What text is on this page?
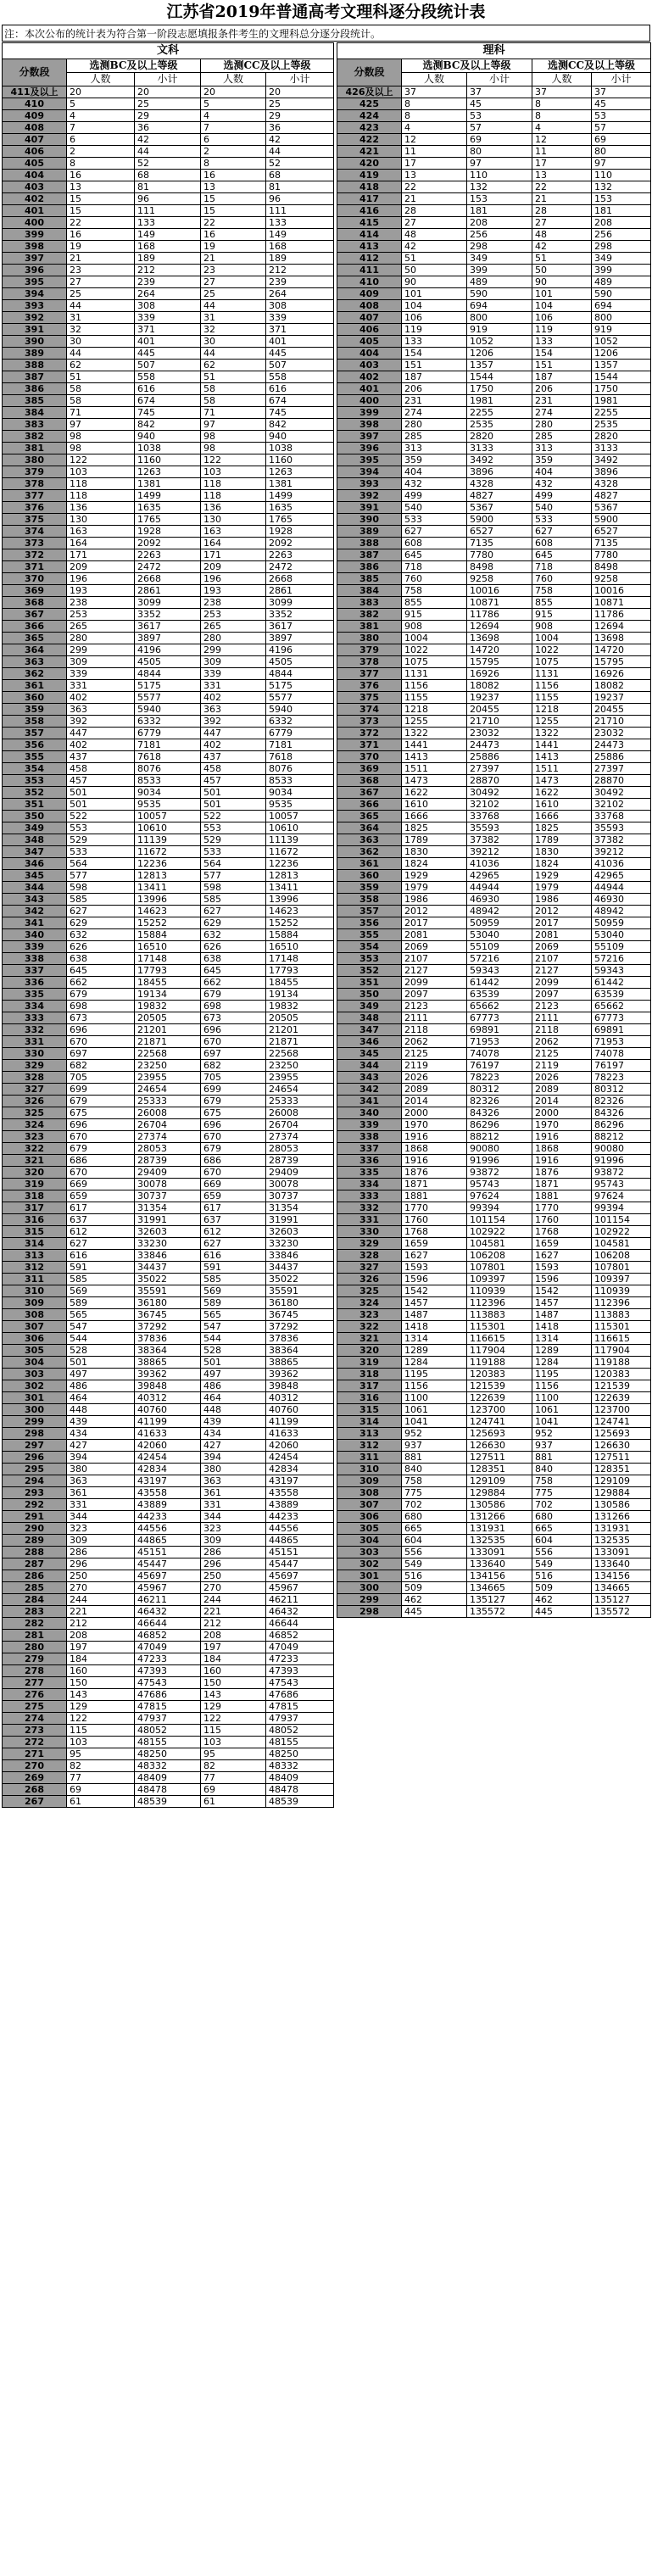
江苏省2019年普通高考文理科逐分段统计表
注：本次公布的统计表为符合第一阶段志愿填报条件考生的文理科总分逐分段统计。
文科				
分数段	选测BC及以上等级		选测CC及以上等级	
	人数	小计	人数	小计
411及以上	20	20	20	20
410	5	25	5	25
409	4	29	4	29
408	7	36	7	36
407	6	42	6	42
406	2	44	2	44
405	8	52	8	52
404	16	68	16	68
403	13	81	13	81
402	15	96	15	96
401	15	111	15	111
400	22	133	22	133
399	16	149	16	149
398	19	168	19	168
397	21	189	21	189
396	23	212	23	212
395	27	239	27	239
394	25	264	25	264
393	44	308	44	308
392	31	339	31	339
391	32	371	32	371
390	30	401	30	401
389	44	445	44	445
388	62	507	62	507
387	51	558	51	558
386	58	616	58	616
385	58	674	58	674
384	71	745	71	745
383	97	842	97	842
382	98	940	98	940
381	98	1038	98	1038
380	122	1160	122	1160
379	103	1263	103	1263
378	118	1381	118	1381
377	118	1499	118	1499
376	136	1635	136	1635
375	130	1765	130	1765
374	163	1928	163	1928
373	164	2092	164	2092
372	171	2263	171	2263
371	209	2472	209	2472
370	196	2668	196	2668
369	193	2861	193	2861
368	238	3099	238	3099
367	253	3352	253	3352
366	265	3617	265	3617
365	280	3897	280	3897
364	299	4196	299	4196
363	309	4505	309	4505
362	339	4844	339	4844
361	331	5175	331	5175
360	402	5577	402	5577
359	363	5940	363	5940
358	392	6332	392	6332
357	447	6779	447	6779
356	402	7181	402	7181
355	437	7618	437	7618
354	458	8076	458	8076
353	457	8533	457	8533
352	501	9034	501	9034
351	501	9535	501	9535
350	522	10057	522	10057
349	553	10610	553	10610
348	529	11139	529	11139
347	533	11672	533	11672
346	564	12236	564	12236
345	577	12813	577	12813
344	598	13411	598	13411
343	585	13996	585	13996
342	627	14623	627	14623
341	629	15252	629	15252
340	632	15884	632	15884
339	626	16510	626	16510
338	638	17148	638	17148
337	645	17793	645	17793
336	662	18455	662	18455
335	679	19134	679	19134
334	698	19832	698	19832
333	673	20505	673	20505
332	696	21201	696	21201
331	670	21871	670	21871
330	697	22568	697	22568
329	682	23250	682	23250
328	705	23955	705	23955
327	699	24654	699	24654
326	679	25333	679	25333
325	675	26008	675	26008
324	696	26704	696	26704
323	670	27374	670	27374
322	679	28053	679	28053
321	686	28739	686	28739
320	670	29409	670	29409
319	669	30078	669	30078
318	659	30737	659	30737
317	617	31354	617	31354
316	637	31991	637	31991
315	612	32603	612	32603
314	627	33230	627	33230
313	616	33846	616	33846
312	591	34437	591	34437
311	585	35022	585	35022
310	569	35591	569	35591
309	589	36180	589	36180
308	565	36745	565	36745
307	547	37292	547	37292
306	544	37836	544	37836
305	528	38364	528	38364
304	501	38865	501	38865
303	497	39362	497	39362
302	486	39848	486	39848
301	464	40312	464	40312
300	448	40760	448	40760
299	439	41199	439	41199
298	434	41633	434	41633
297	427	42060	427	42060
296	394	42454	394	42454
295	380	42834	380	42834
294	363	43197	363	43197
293	361	43558	361	43558
292	331	43889	331	43889
291	344	44233	344	44233
290	323	44556	323	44556
289	309	44865	309	44865
288	286	45151	286	45151
287	296	45447	296	45447
286	250	45697	250	45697
285	270	45967	270	45967
284	244	46211	244	46211
283	221	46432	221	46432
282	212	46644	212	46644
281	208	46852	208	46852
280	197	47049	197	47049
279	184	47233	184	47233
278	160	47393	160	47393
277	150	47543	150	47543
276	143	47686	143	47686
275	129	47815	129	47815
274	122	47937	122	47937
273	115	48052	115	48052
272	103	48155	103	48155
271	95	48250	95	48250
270	82	48332	82	48332
269	77	48409	77	48409
268	69	48478	69	48478
267	61	48539	61	48539
理科				
分数段	选测BC及以上等级		选测CC及以上等级	
	人数	小计	人数	小计
426及以上	37	37	37	37
425	8	45	8	45
424	8	53	8	53
423	4	57	4	57
422	12	69	12	69
421	11	80	11	80
420	17	97	17	97
419	13	110	13	110
418	22	132	22	132
417	21	153	21	153
416	28	181	28	181
415	27	208	27	208
414	48	256	48	256
413	42	298	42	298
412	51	349	51	349
411	50	399	50	399
410	90	489	90	489
409	101	590	101	590
408	104	694	104	694
407	106	800	106	800
406	119	919	119	919
405	133	1052	133	1052
404	154	1206	154	1206
403	151	1357	151	1357
402	187	1544	187	1544
401	206	1750	206	1750
400	231	1981	231	1981
399	274	2255	274	2255
398	280	2535	280	2535
397	285	2820	285	2820
396	313	3133	313	3133
395	359	3492	359	3492
394	404	3896	404	3896
393	432	4328	432	4328
392	499	4827	499	4827
391	540	5367	540	5367
390	533	5900	533	5900
389	627	6527	627	6527
388	608	7135	608	7135
387	645	7780	645	7780
386	718	8498	718	8498
385	760	9258	760	9258
384	758	10016	758	10016
383	855	10871	855	10871
382	915	11786	915	11786
381	908	12694	908	12694
380	1004	13698	1004	13698
379	1022	14720	1022	14720
378	1075	15795	1075	15795
377	1131	16926	1131	16926
376	1156	18082	1156	18082
375	1155	19237	1155	19237
374	1218	20455	1218	20455
373	1255	21710	1255	21710
372	1322	23032	1322	23032
371	1441	24473	1441	24473
370	1413	25886	1413	25886
369	1511	27397	1511	27397
368	1473	28870	1473	28870
367	1622	30492	1622	30492
366	1610	32102	1610	32102
365	1666	33768	1666	33768
364	1825	35593	1825	35593
363	1789	37382	1789	37382
362	1830	39212	1830	39212
361	1824	41036	1824	41036
360	1929	42965	1929	42965
359	1979	44944	1979	44944
358	1986	46930	1986	46930
357	2012	48942	2012	48942
356	2017	50959	2017	50959
355	2081	53040	2081	53040
354	2069	55109	2069	55109
353	2107	57216	2107	57216
352	2127	59343	2127	59343
351	2099	61442	2099	61442
350	2097	63539	2097	63539
349	2123	65662	2123	65662
348	2111	67773	2111	67773
347	2118	69891	2118	69891
346	2062	71953	2062	71953
345	2125	74078	2125	74078
344	2119	76197	2119	76197
343	2026	78223	2026	78223
342	2089	80312	2089	80312
341	2014	82326	2014	82326
340	2000	84326	2000	84326
339	1970	86296	1970	86296
338	1916	88212	1916	88212
337	1868	90080	1868	90080
336	1916	91996	1916	91996
335	1876	93872	1876	93872
334	1871	95743	1871	95743
333	1881	97624	1881	97624
332	1770	99394	1770	99394
331	1760	101154	1760	101154
330	1768	102922	1768	102922
329	1659	104581	1659	104581
328	1627	106208	1627	106208
327	1593	107801	1593	107801
326	1596	109397	1596	109397
325	1542	110939	1542	110939
324	1457	112396	1457	112396
323	1487	113883	1487	113883
322	1418	115301	1418	115301
321	1314	116615	1314	116615
320	1289	117904	1289	117904
319	1284	119188	1284	119188
318	1195	120383	1195	120383
317	1156	121539	1156	121539
316	1100	122639	1100	122639
315	1061	123700	1061	123700
314	1041	124741	1041	124741
313	952	125693	952	125693
312	937	126630	937	126630
311	881	127511	881	127511
310	840	128351	840	128351
309	758	129109	758	129109
308	775	129884	775	129884
307	702	130586	702	130586
306	680	131266	680	131266
305	665	131931	665	131931
304	604	132535	604	132535
303	556	133091	556	133091
302	549	133640	549	133640
301	516	134156	516	134156
300	509	134665	509	134665
299	462	135127	462	135127
298	445	135572	445	135572
